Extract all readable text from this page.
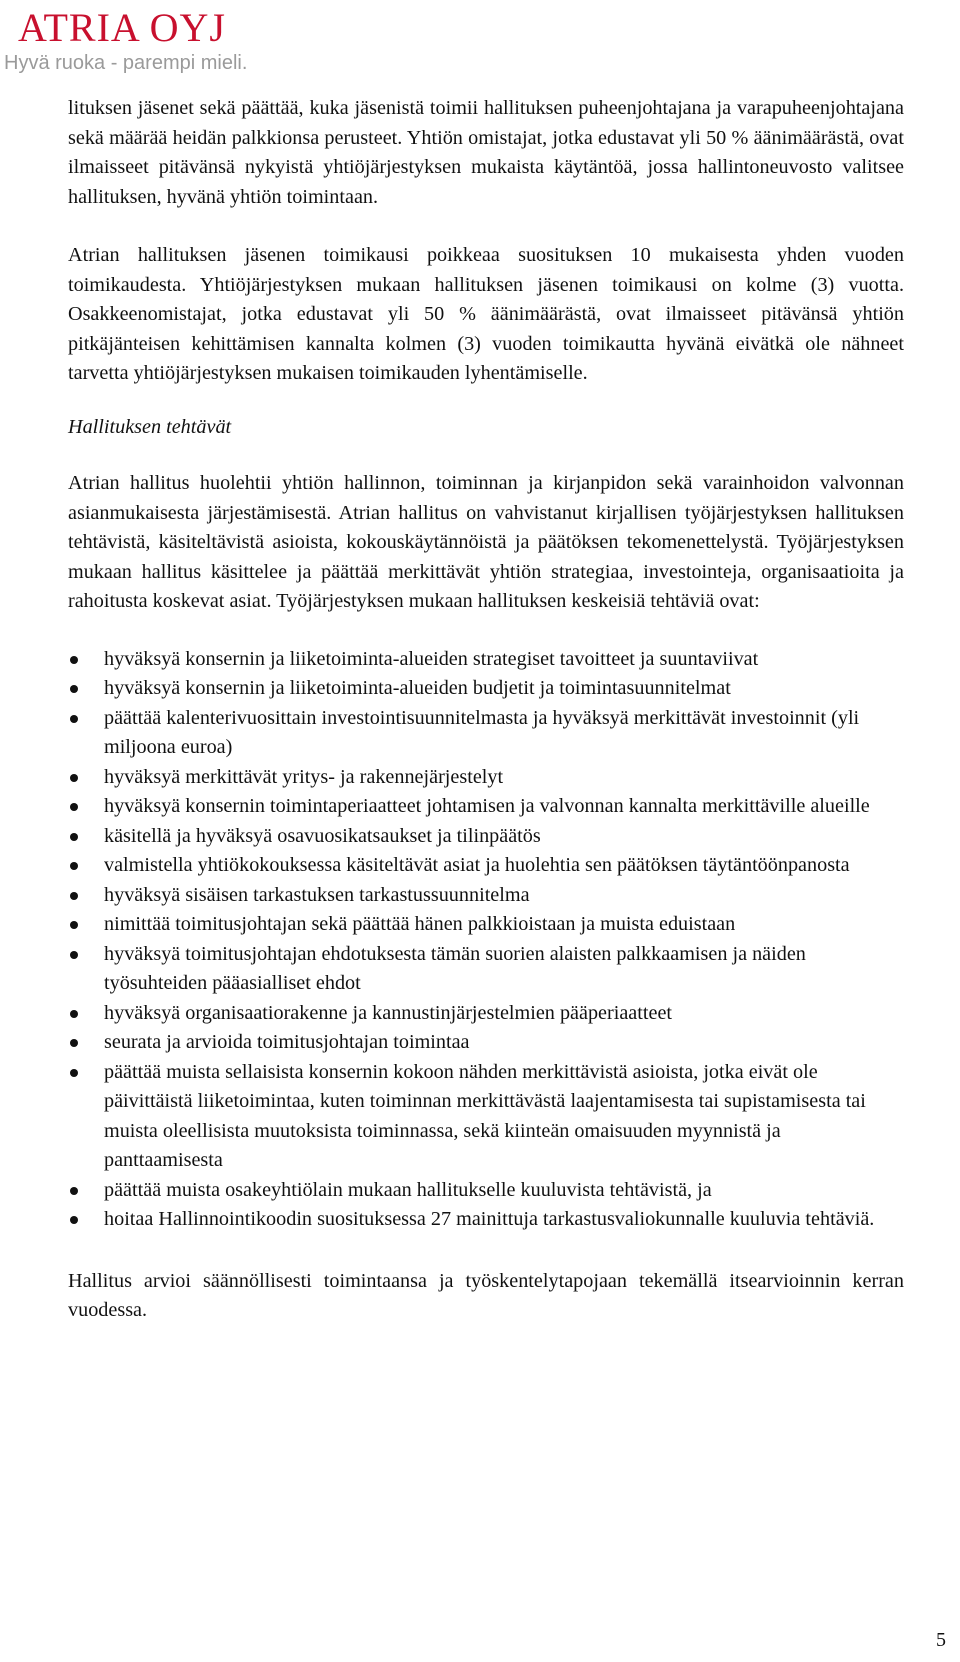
ATRIA OYJ
Hyvä ruoka - parempi mieli.

lituksen jäsenet sekä päättää, kuka jäsenistä toimii hallituksen puheenjohtajana ja varapuheenjohtajana sekä määrää heidän palkkionsa perusteet. Yhtiön omistajat, jotka edustavat yli 50 % äänimäärästä, ovat ilmaisseet pitävänsä nykyistä yhtiöjärjestyksen mukaista käytäntöä, jossa hallintoneuvosto valitsee hallituksen, hyvänä yhtiön toimintaan.

Atrian hallituksen jäsenen toimikausi poikkeaa suosituksen 10 mukaisesta yhden vuoden toimikaudesta. Yhtiöjärjestyksen mukaan hallituksen jäsenen toimikausi on kolme (3) vuotta. Osakkeenomistajat, jotka edustavat yli 50 % äänimäärästä, ovat ilmaisseet pitävänsä yhtiön pitkäjänteisen kehittämisen kannalta kolmen (3) vuoden toimikautta hyvänä eivätkä ole nähneet tarvetta yhtiöjärjestyksen mukaisen toimikauden lyhentämiselle.

Hallituksen tehtävät

Atrian hallitus huolehtii yhtiön hallinnon, toiminnan ja kirjanpidon sekä varainhoidon valvonnan asianmukaisesta järjestämisestä. Atrian hallitus on vahvistanut kirjallisen työjärjestyksen hallituksen tehtävistä, käsiteltävistä asioista, kokouskäytännöistä ja päätöksen tekomenettelystä. Työjärjestyksen mukaan hallitus käsittelee ja päättää merkittävät yhtiön strategiaa, investointeja, organisaatioita ja rahoitusta koskevat asiat. Työjärjestyksen mukaan hallituksen keskeisiä tehtäviä ovat:

hyväksyä konsernin ja liiketoiminta-alueiden strategiset tavoitteet ja suuntaviivat
hyväksyä konsernin ja liiketoiminta-alueiden budjetit ja toimintasuunnitelmat
päättää kalenterivuosittain investointisuunnitelmasta ja hyväksyä merkittävät investoinnit (yli miljoona euroa)
hyväksyä merkittävät yritys- ja rakennejärjestelyt
hyväksyä konsernin toimintaperiaatteet johtamisen ja valvonnan kannalta merkittäville alueille
käsitellä ja hyväksyä osavuosikatsaukset ja tilinpäätös
valmistella yhtiökokouksessa käsiteltävät asiat ja huolehtia sen päätöksen täytäntöönpanosta
hyväksyä sisäisen tarkastuksen tarkastussuunnitelma
nimittää toimitusjohtajan sekä päättää hänen palkkioistaan ja muista eduistaan
hyväksyä toimitusjohtajan ehdotuksesta tämän suorien alaisten palkkaamisen ja näiden työsuhteiden pääasialliset ehdot
hyväksyä organisaatiorakenne ja kannustinjärjestelmien pääperiaatteet
seurata ja arvioida toimitusjohtajan toimintaa
päättää muista sellaisista konsernin kokoon nähden merkittävistä asioista, jotka eivät ole päivittäistä liiketoimintaa, kuten toiminnan merkittävästä laajentamisesta tai supistamisesta tai muista oleellisista muutoksista toiminnassa, sekä kiinteän omaisuuden myynnistä ja panttaamisesta
päättää muista osakeyhtiölain mukaan hallitukselle kuuluvista tehtävistä, ja
hoitaa Hallinnointikoodin suosituksessa 27 mainittuja tarkastusvaliokunnalle kuuluvia tehtäviä.

Hallitus arvioi säännöllisesti toimintaansa ja työskentelytapojaan tekemällä itsearvioinnin kerran vuodessa.

5
